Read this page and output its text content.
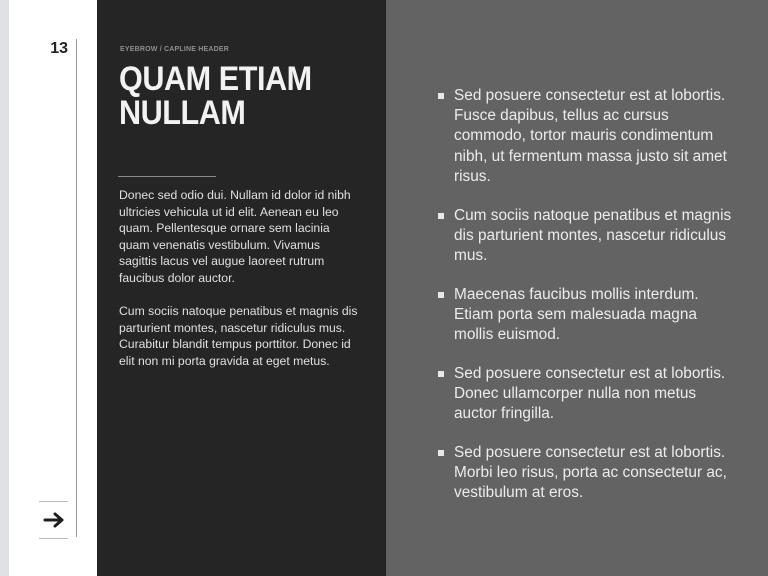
13	EYEBROW / CAPLINE HEADER
QUAM ETIAM NULLAM

Donec sed odio dui. Nullam id dolor id nibh ultricies vehicula ut id elit. Aenean eu leo quam. Pellentesque ornare sem lacinia quam venenatis vestibulum. Vivamus sagittis lacus vel augue laoreet rutrum faucibus dolor auctor.

Cum sociis natoque penatibus et magnis dis parturient montes, nascetur ridiculus mus. Curabitur blandit tempus porttitor. Donec id elit non mi porta gravida at eget metus.

Sed posuere consectetur est at lobortis. Fusce dapibus, tellus ac cursus commodo, tortor mauris condimentum nibh, ut fermentum massa justo sit amet risus.
Cum sociis natoque penatibus et magnis dis parturient montes, nascetur ridiculus mus.
Maecenas faucibus mollis interdum. Etiam porta sem malesuada magna mollis euismod.
Sed posuere consectetur est at lobortis. Donec ullamcorper nulla non metus auctor fringilla.
Sed posuere consectetur est at lobortis. Morbi leo risus, porta ac consectetur ac, vestibulum at eros.
